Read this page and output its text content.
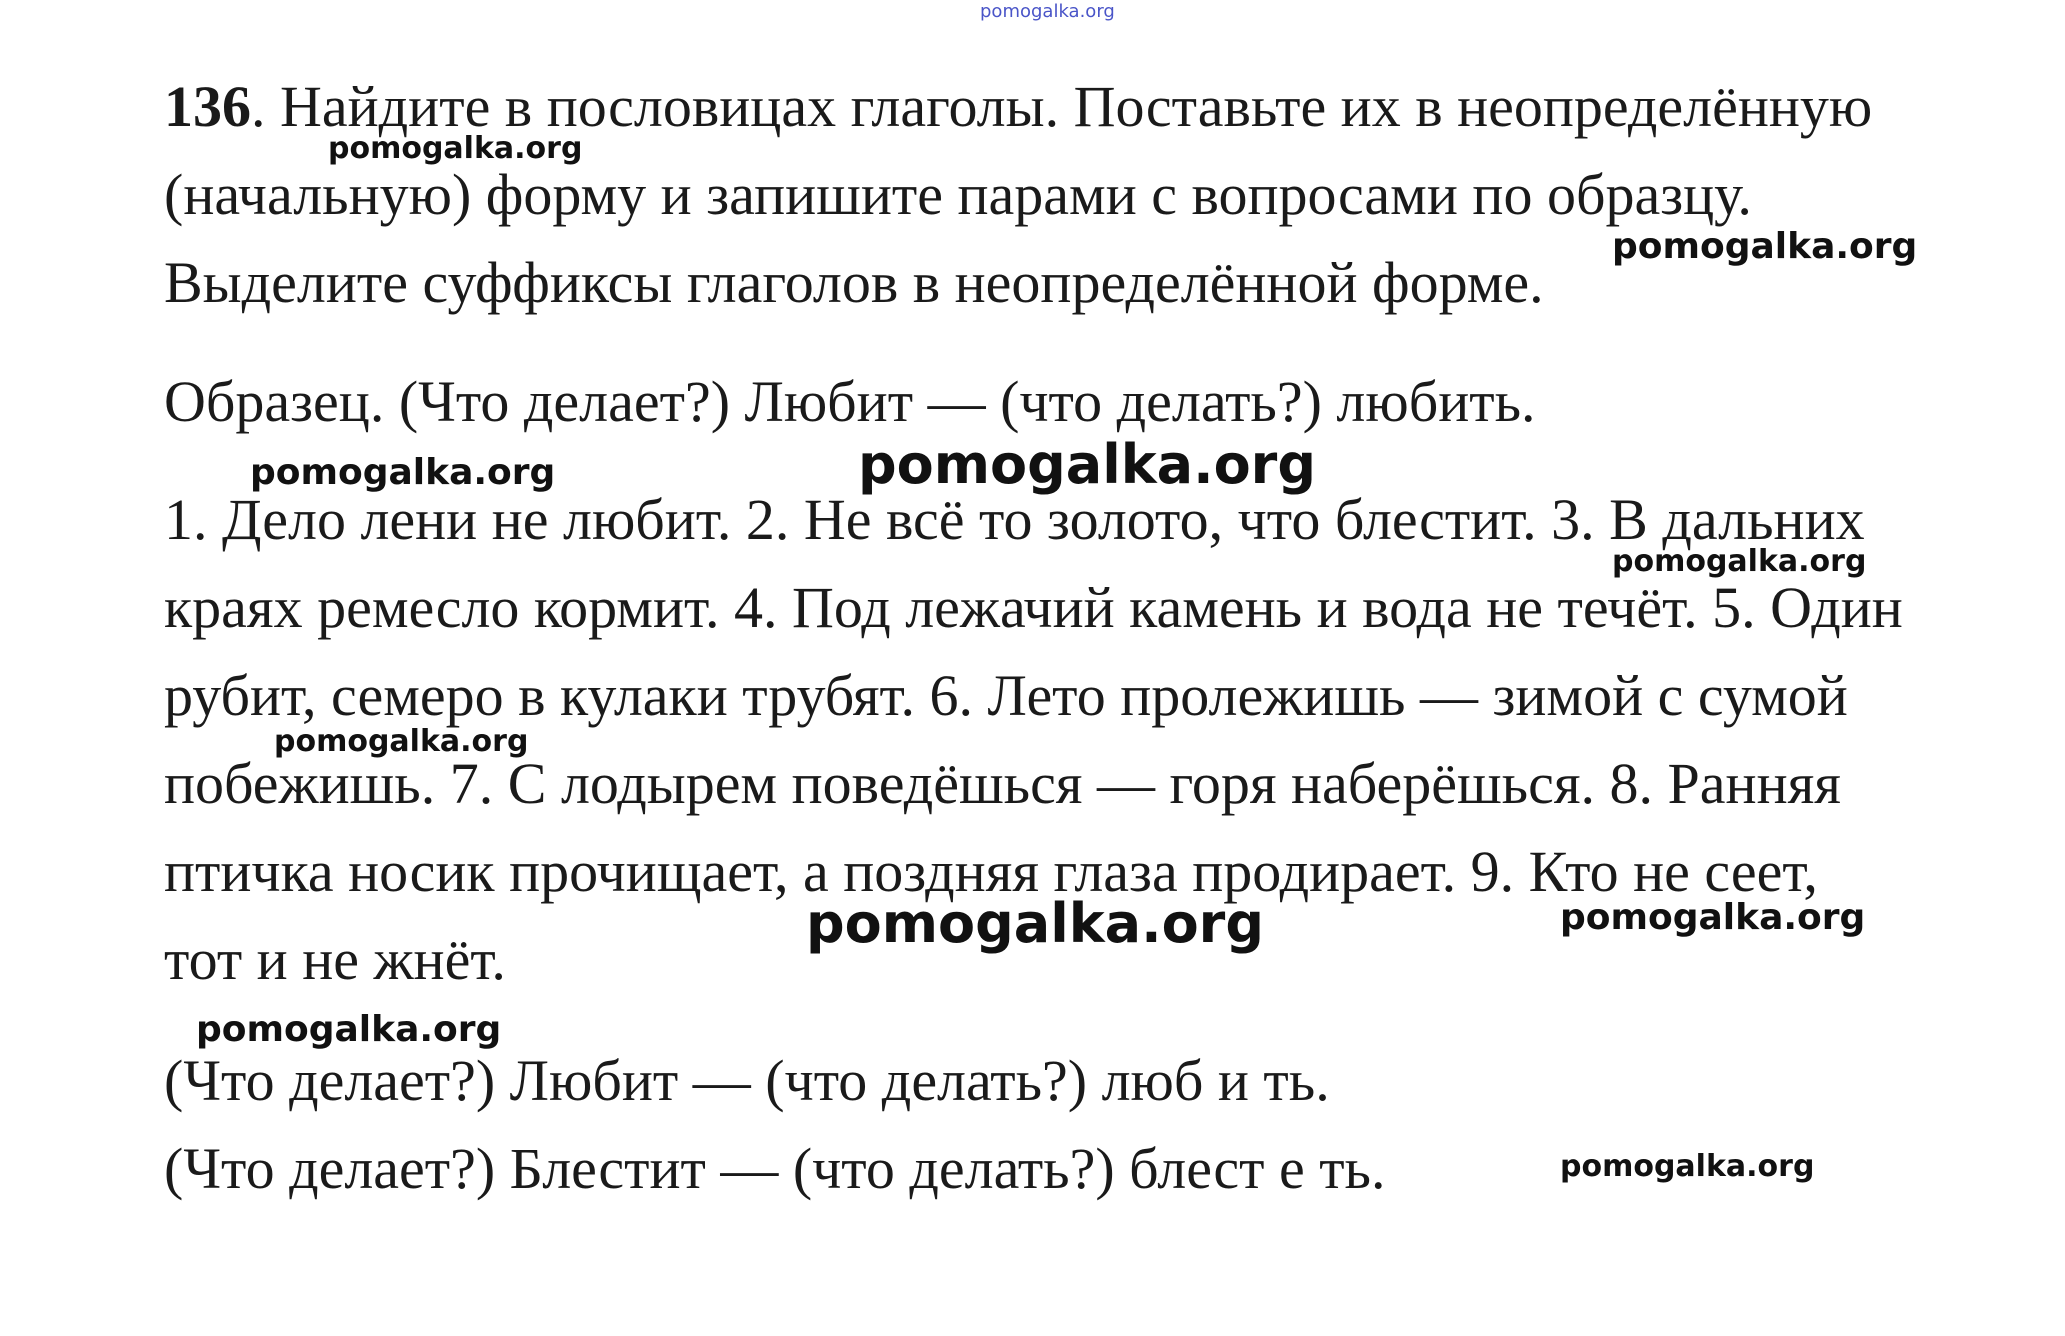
136. Найдите в пословицах глаголы. Поставьте их в неопределённую
(начальную) форму и запишите парами с вопросами по образцу.
Выделите суффиксы глаголов в неопределённой форме.
Образец. (Что делает?) Любит — (что делать?) любить.
1. Дело лени не любит. 2. Не всё то золото, что блестит. 3. В дальних
краях ремесло кормит. 4. Под лежачий камень и вода не течёт. 5. Один
рубит, семеро в кулаки трубят. 6. Лето пролежишь — зимой с сумой
побежишь. 7. С лодырем поведёшься — горя наберёшься. 8. Ранняя
птичка носик прочищает, а поздняя глаза продирает. 9. Кто не сеет,
тот и не жнёт.
(Что делает?) Любит — (что делать?) люб и ть.
(Что делает?) Блестит — (что делать?) блест е ть.
pomogalka.org
pomogalka.org
pomogalka.org
pomogalka.org	pomogalka.org
pomogalka.org
pomogalka.org
pomogalka.org	pomogalka.org
pomogalka.org
pomogalka.org
